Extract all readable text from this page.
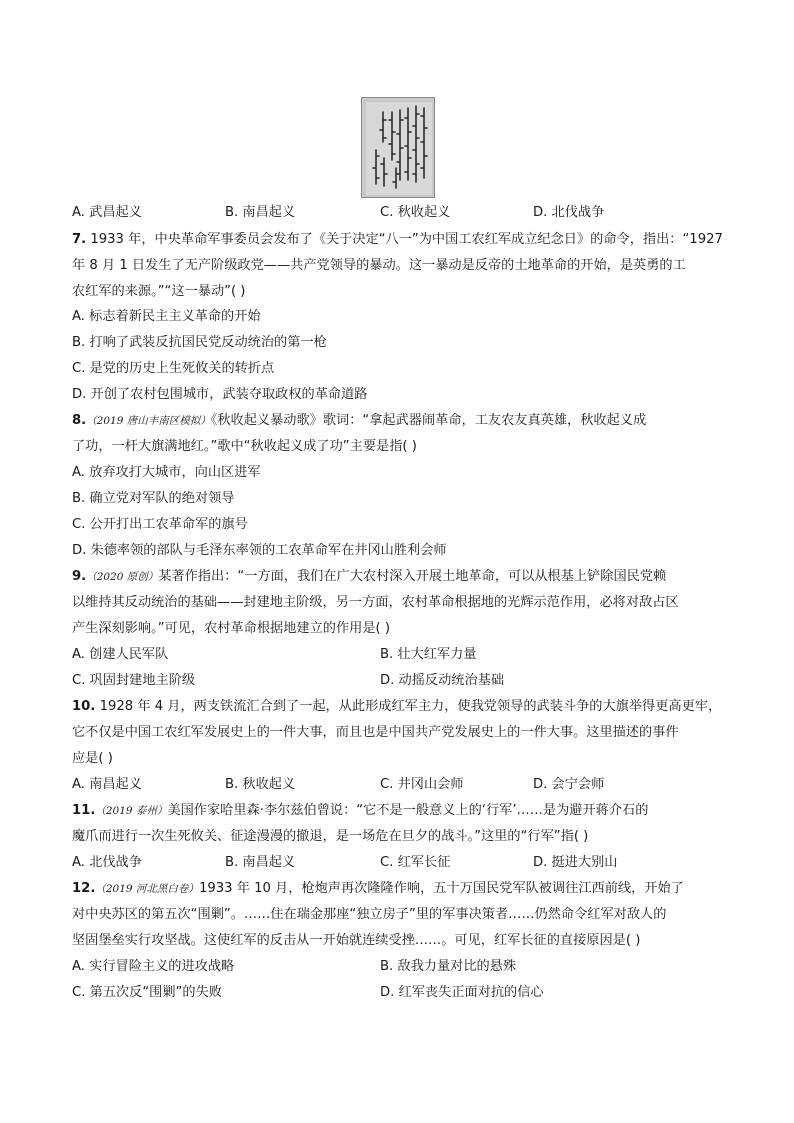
A. 武昌起义	B. 南昌起义	C. 秋收起义	D. 北伐战争
7. 1933 年，中央革命军事委员会发布了《关于决定“八一”为中国工农红军成立纪念日》的命令，指出：“1927
年 8 月 1 日发生了无产阶级政党——共产党领导的暴动。这一暴动是反帝的土地革命的开始，是英勇的工
农红军的来源。”“这一暴动”( )
A. 标志着新民主主义革命的开始
B. 打响了武装反抗国民党反动统治的第一枪
C. 是党的历史上生死攸关的转折点
D. 开创了农村包围城市，武装夺取政权的革命道路
8.（2019 唐山丰南区模拟）《秋收起义暴动歌》歌词：“拿起武器闹革命，工友农友真英雄，秋收起义成
了功，一杆大旗满地红。”歌中“秋收起义成了功”主要是指( )
A. 放弃攻打大城市，向山区进军
B. 确立党对军队的绝对领导
C. 公开打出工农革命军的旗号
D. 朱德率领的部队与毛泽东率领的工农革命军在井冈山胜利会师
9.（2020 原创）某著作指出：“一方面，我们在广大农村深入开展土地革命，可以从根基上铲除国民党赖
以维持其反动统治的基础——封建地主阶级，另一方面，农村革命根据地的光辉示范作用，必将对敌占区
产生深刻影响。”可见，农村革命根据地建立的作用是( )
A. 创建人民军队	B. 壮大红军力量
C. 巩固封建地主阶级	D. 动摇反动统治基础
10. 1928 年 4 月，两支铁流汇合到了一起，从此形成红军主力，使我党领导的武装斗争的大旗举得更高更牢，
它不仅是中国工农红军发展史上的一件大事，而且也是中国共产党发展史上的一件大事。这里描述的事件
应是( )
A. 南昌起义	B. 秋收起义	C. 井冈山会师	D. 会宁会师
11.（2019 泰州）美国作家哈里森·李尔兹伯曾说：“它不是一般意义上的‘行军’……是为避开蒋介石的
魔爪而进行一次生死攸关、征途漫漫的撤退，是一场危在旦夕的战斗。”这里的“行军”指( )
A. 北伐战争	B. 南昌起义	C. 红军长征	D. 挺进大别山
12.（2019 河北黑白卷）1933 年 10 月，枪炮声再次隆隆作响，五十万国民党军队被调往江西前线，开始了
对中央苏区的第五次“围剿”。……住在瑞金那座“独立房子”里的军事决策者……仍然命令红军对敌人的
坚固堡垒实行攻坚战。这使红军的反击从一开始就连续受挫……。可见，红军长征的直接原因是( )
A. 实行冒险主义的进攻战略	B. 敌我力量对比的悬殊
C. 第五次反“围剿”的失败	D. 红军丧失正面对抗的信心
